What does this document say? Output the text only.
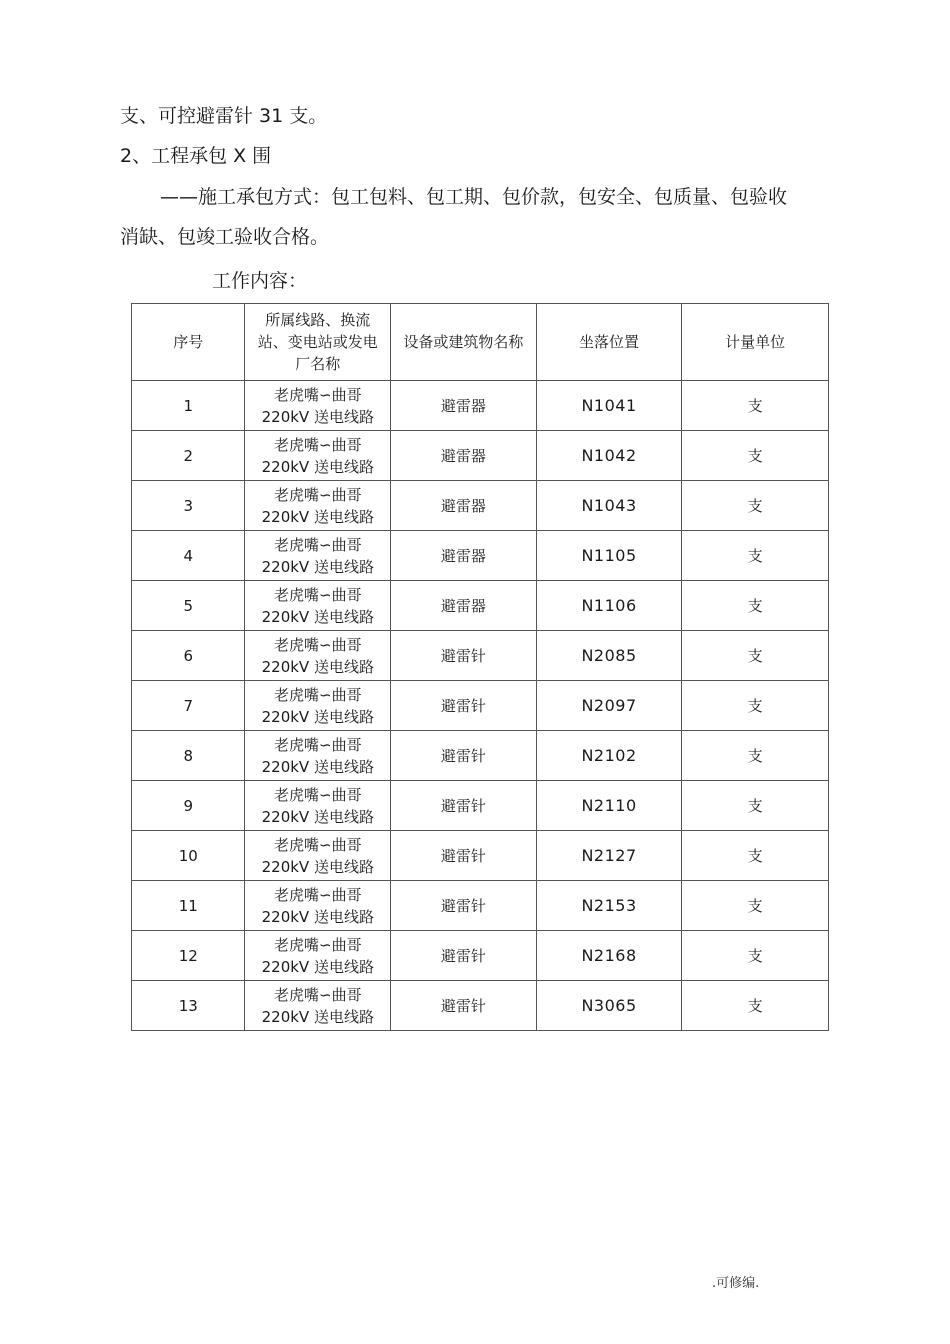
支、可控避雷针 31 支。
2、工程承包 X 围
——施工承包方式：包工包料、包工期、包价款，包安全、包质量、包验收
消缺、包竣工验收合格。
工作内容：
序号	所属线路、换流
站、变电站或发电
厂名称	设备或建筑物名称	坐落位置	计量单位
1	老虎嘴∽曲哥
220kV 送电线路	避雷器	N1041	支
2	老虎嘴∽曲哥
220kV 送电线路	避雷器	N1042	支
3	老虎嘴∽曲哥
220kV 送电线路	避雷器	N1043	支
4	老虎嘴∽曲哥
220kV 送电线路	避雷器	N1105	支
5	老虎嘴∽曲哥
220kV 送电线路	避雷器	N1106	支
6	老虎嘴∽曲哥
220kV 送电线路	避雷针	N2085	支
7	老虎嘴∽曲哥
220kV 送电线路	避雷针	N2097	支
8	老虎嘴∽曲哥
220kV 送电线路	避雷针	N2102	支
9	老虎嘴∽曲哥
220kV 送电线路	避雷针	N2110	支
10	老虎嘴∽曲哥
220kV 送电线路	避雷针	N2127	支
11	老虎嘴∽曲哥
220kV 送电线路	避雷针	N2153	支
12	老虎嘴∽曲哥
220kV 送电线路	避雷针	N2168	支
13	老虎嘴∽曲哥
220kV 送电线路	避雷针	N3065	支
.可修编.
